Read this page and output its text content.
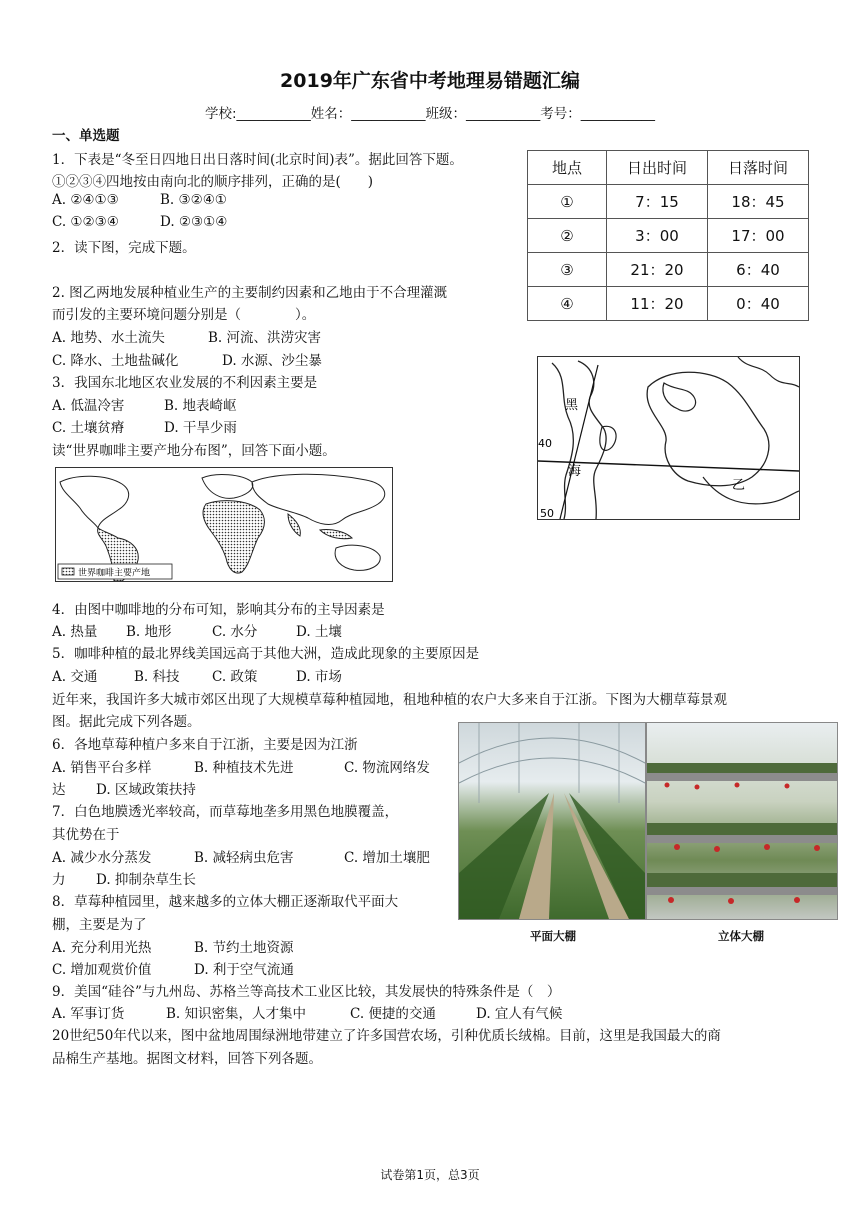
2019年广东省中考地理易错题汇编
学校:___________姓名：___________班级：___________考号：___________
一、单选题
1．下表是“冬至日四地日出日落时间(北京时间)表”。据此回答下题。
①②③④四地按由南向北的顺序排列，正确的是(　　)
A. ②④①③	B. ③②④①
C. ①②③④	D. ②③①④
2．读下图，完成下题。
地点	日出时间	日落时间
①	7：15	18：45
②	3：00	17：00
③	21：20	6：40
④	11：20	0：40
2. 图乙两地发展种植业生产的主要制约因素和乙地由于不合理灌溉
而引发的主要环境问题分别是（　　　　）。
A. 地势、水土流失	B. 河流、洪涝灾害
C. 降水、土地盐碱化	D. 水源、沙尘暴
3．我国东北地区农业发展的不利因素主要是
A. 低温冷害	B. 地表崎岖
C. 土壤贫瘠	D. 干旱少雨
读“世界咖啡主要产地分布图”，回答下面小题。
黑
海
40
50
乙
世界咖啡主要产地
4．由图中咖啡地的分布可知，影响其分布的主导因素是
A. 热量 B. 地形	C. 水分	D. 土壤
5．咖啡种植的最北界线美国远高于其他大洲，造成此现象的主要原因是
A. 交通	B. 科技 C. 政策	D. 市场
近年来，我国许多大城市郊区出现了大规模草莓种植园地，租地种植的农户大多来自于江浙。下图为大棚草莓景观
图。据此完成下列各题。
6．各地草莓种植户多来自于江浙，主要是因为江浙
A. 销售平台多样	B. 种植技术先进	C. 物流网络发
达 D. 区域政策扶持
7．白色地膜透光率较高，而草莓地垄多用黑色地膜覆盖，
其优势在于
A. 减少水分蒸发	B. 减轻病虫危害	C. 增加土壤肥
力 D. 抑制杂草生长
8．草莓种植园里，越来越多的立体大棚正逐渐取代平面大
棚，主要是为了
A. 充分利用光热	B. 节约土地资源
C. 增加观赏价值	D. 利于空气流通
平面大棚	立体大棚
9．美国“硅谷”与九州岛、苏格兰等高技术工业区比较，其发展快的特殊条件是（　）
A. 军事订货	B. 知识密集，人才集中	C. 便捷的交通	D. 宜人有气候
20世纪50年代以来，图中盆地周围绿洲地带建立了许多国营农场，引种优质长绒棉。目前，这里是我国最大的商
品棉生产基地。据图文材料，回答下列各题。
试卷第1页，总3页
